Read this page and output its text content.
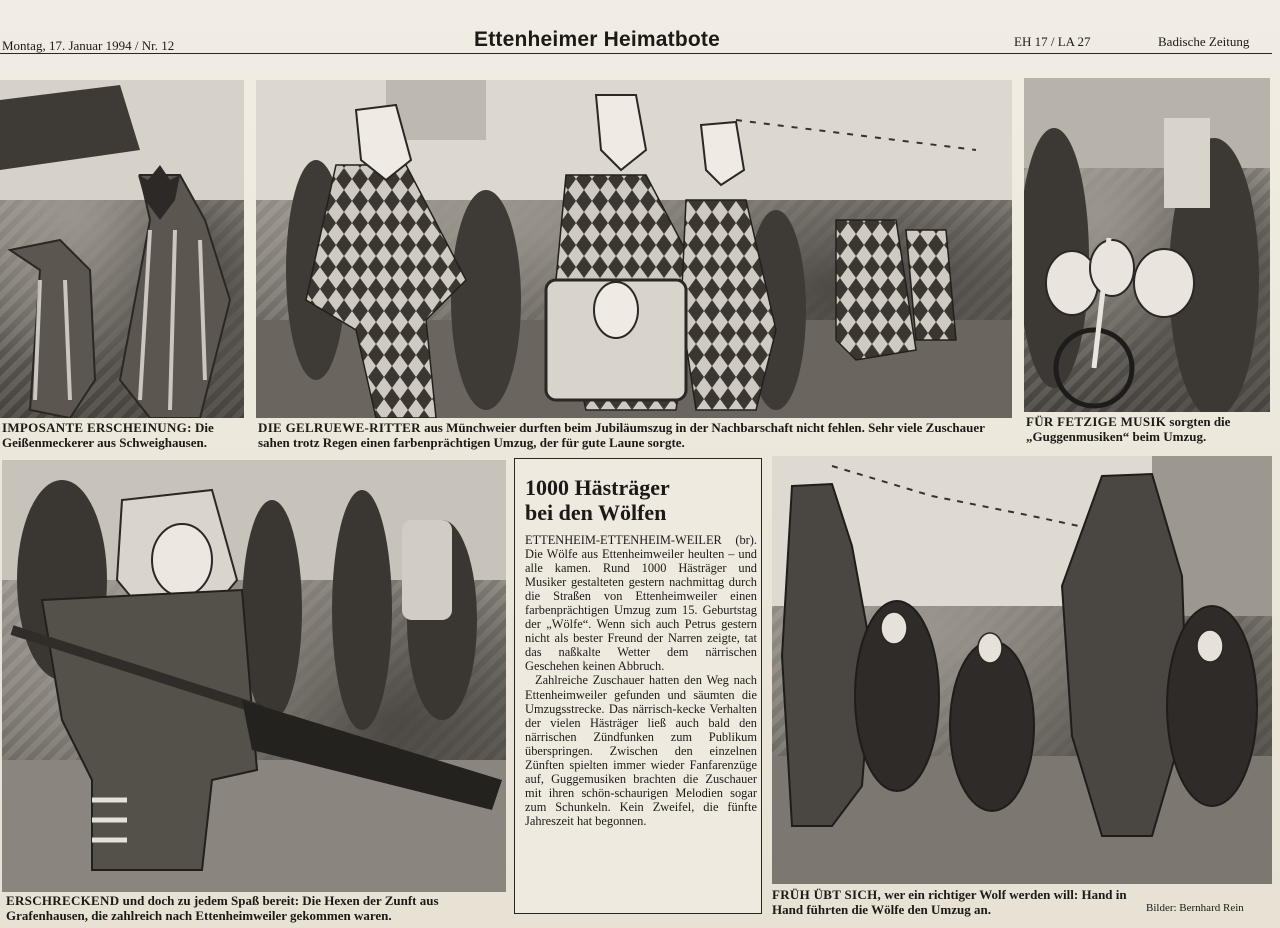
Montag, 17. Januar 1994 / Nr. 12	Ettenheimer Heimatbote	EH 17 / LA 27	Badische Zeitung
IMPOSANTE ERSCHEINUNG: Die Geißenmeckerer aus Schweighausen.
DIE GELRUEWE-RITTER aus Münchweier durften beim Jubiläumszug in der Nachbarschaft nicht fehlen. Sehr viele Zuschauer sahen trotz Regen einen farbenprächtigen Umzug, der für gute Laune sorgte.
FÜR FETZIGE MUSIK sorgten die „Guggenmusiken“ beim Umzug.
1000 Hästräger
bei den Wölfen

ETTENHEIM-ETTENHEIM-WEILER (br). Die Wölfe aus Ettenheimweiler heulten – und alle kamen. Rund 1000 Hästräger und Musiker gestalteten gestern nachmittag durch die Straßen von Ettenheimweiler einen farbenprächtigen Umzug zum 15. Geburtstag der „Wölfe“. Wenn sich auch Petrus gestern nicht als bester Freund der Narren zeigte, tat das naßkalte Wetter dem närrischen Geschehen keinen Abbruch.

Zahlreiche Zuschauer hatten den Weg nach Ettenheimweiler gefunden und säumten die Umzugsstrecke. Das närrisch-kecke Verhalten der vielen Hästräger ließ auch bald den närrischen Zündfunken zum Publikum überspringen. Zwischen den einzelnen Zünften spielten immer wieder Fanfarenzüge auf, Guggemusiken brachten die Zuschauer mit ihren schön-schaurigen Melodien sogar zum Schunkeln. Kein Zweifel, die fünfte Jahreszeit hat begonnen.

ERSCHRECKEND und doch zu jedem Spaß bereit: Die Hexen der Zunft aus Grafenhausen, die zahlreich nach Ettenheimweiler gekommen waren.
FRÜH ÜBT SICH, wer ein richtiger Wolf werden will: Hand in Hand führten die Wölfe den Umzug an.	Bilder: Bernhard Rein
